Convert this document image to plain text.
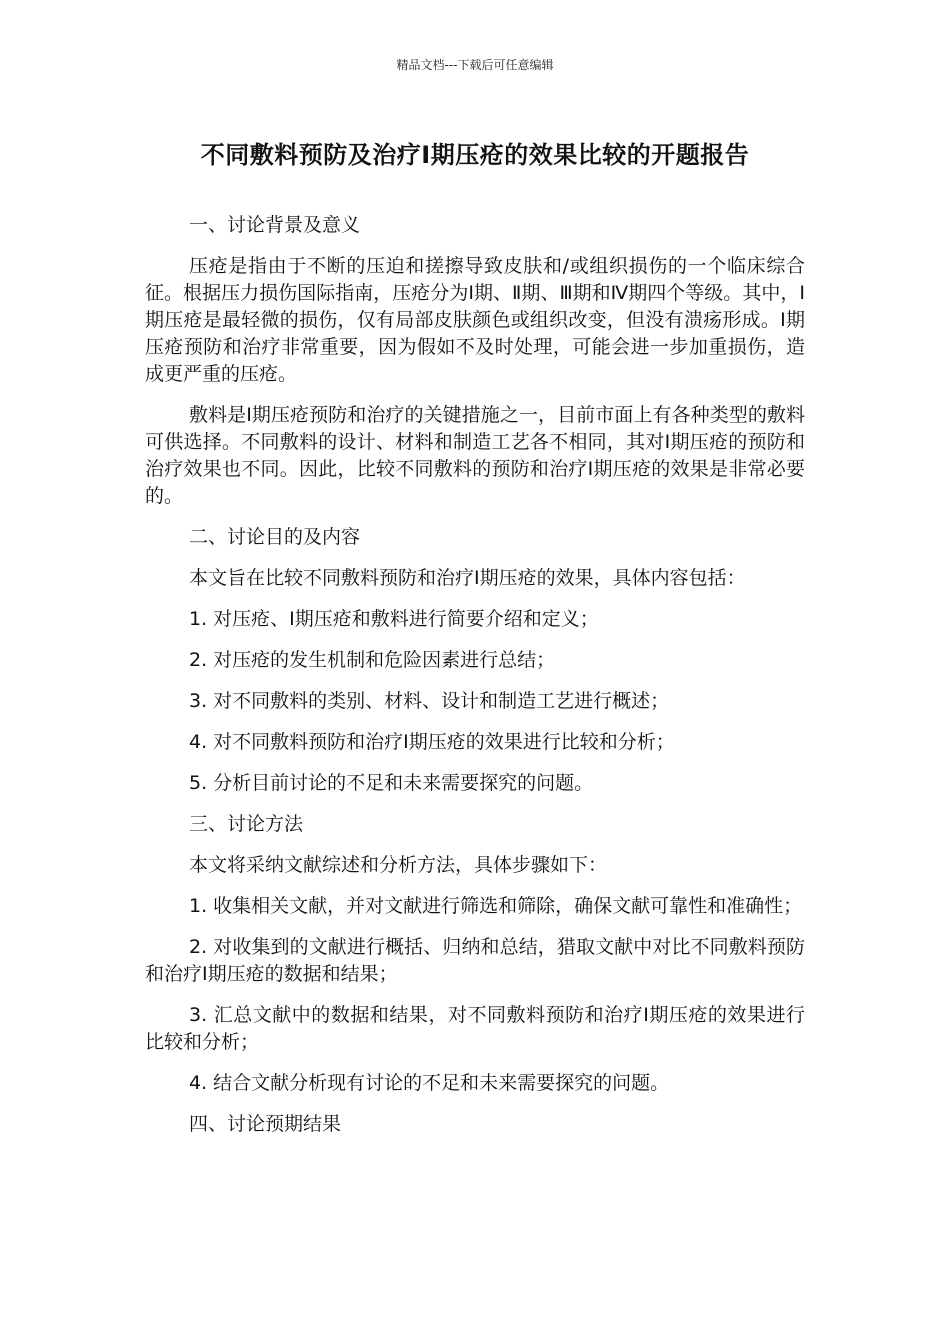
精品文档---下载后可任意编辑
不同敷料预防及治疗Ⅰ期压疮的效果比较的开题报告

一、讨论背景及意义

压疮是指由于不断的压迫和搓擦导致皮肤和/或组织损伤的一个临床综合征。根据压力损伤国际指南，压疮分为Ⅰ期、Ⅱ期、Ⅲ期和Ⅳ期四个等级。其中，Ⅰ期压疮是最轻微的损伤，仅有局部皮肤颜色或组织改变，但没有溃疡形成。Ⅰ期压疮预防和治疗非常重要，因为假如不及时处理，可能会进一步加重损伤，造成更严重的压疮。

敷料是Ⅰ期压疮预防和治疗的关键措施之一，目前市面上有各种类型的敷料可供选择。不同敷料的设计、材料和制造工艺各不相同，其对Ⅰ期压疮的预防和治疗效果也不同。因此，比较不同敷料的预防和治疗Ⅰ期压疮的效果是非常必要的。

二、讨论目的及内容

本文旨在比较不同敷料预防和治疗Ⅰ期压疮的效果，具体内容包括：

1. 对压疮、Ⅰ期压疮和敷料进行简要介绍和定义；

2. 对压疮的发生机制和危险因素进行总结；

3. 对不同敷料的类别、材料、设计和制造工艺进行概述；

4. 对不同敷料预防和治疗Ⅰ期压疮的效果进行比较和分析；

5. 分析目前讨论的不足和未来需要探究的问题。

三、讨论方法

本文将采纳文献综述和分析方法，具体步骤如下：

1. 收集相关文献，并对文献进行筛选和筛除，确保文献可靠性和准确性；

2. 对收集到的文献进行概括、归纳和总结，猎取文献中对比不同敷料预防和治疗Ⅰ期压疮的数据和结果；

3. 汇总文献中的数据和结果，对不同敷料预防和治疗Ⅰ期压疮的效果进行比较和分析；

4. 结合文献分析现有讨论的不足和未来需要探究的问题。

四、讨论预期结果
